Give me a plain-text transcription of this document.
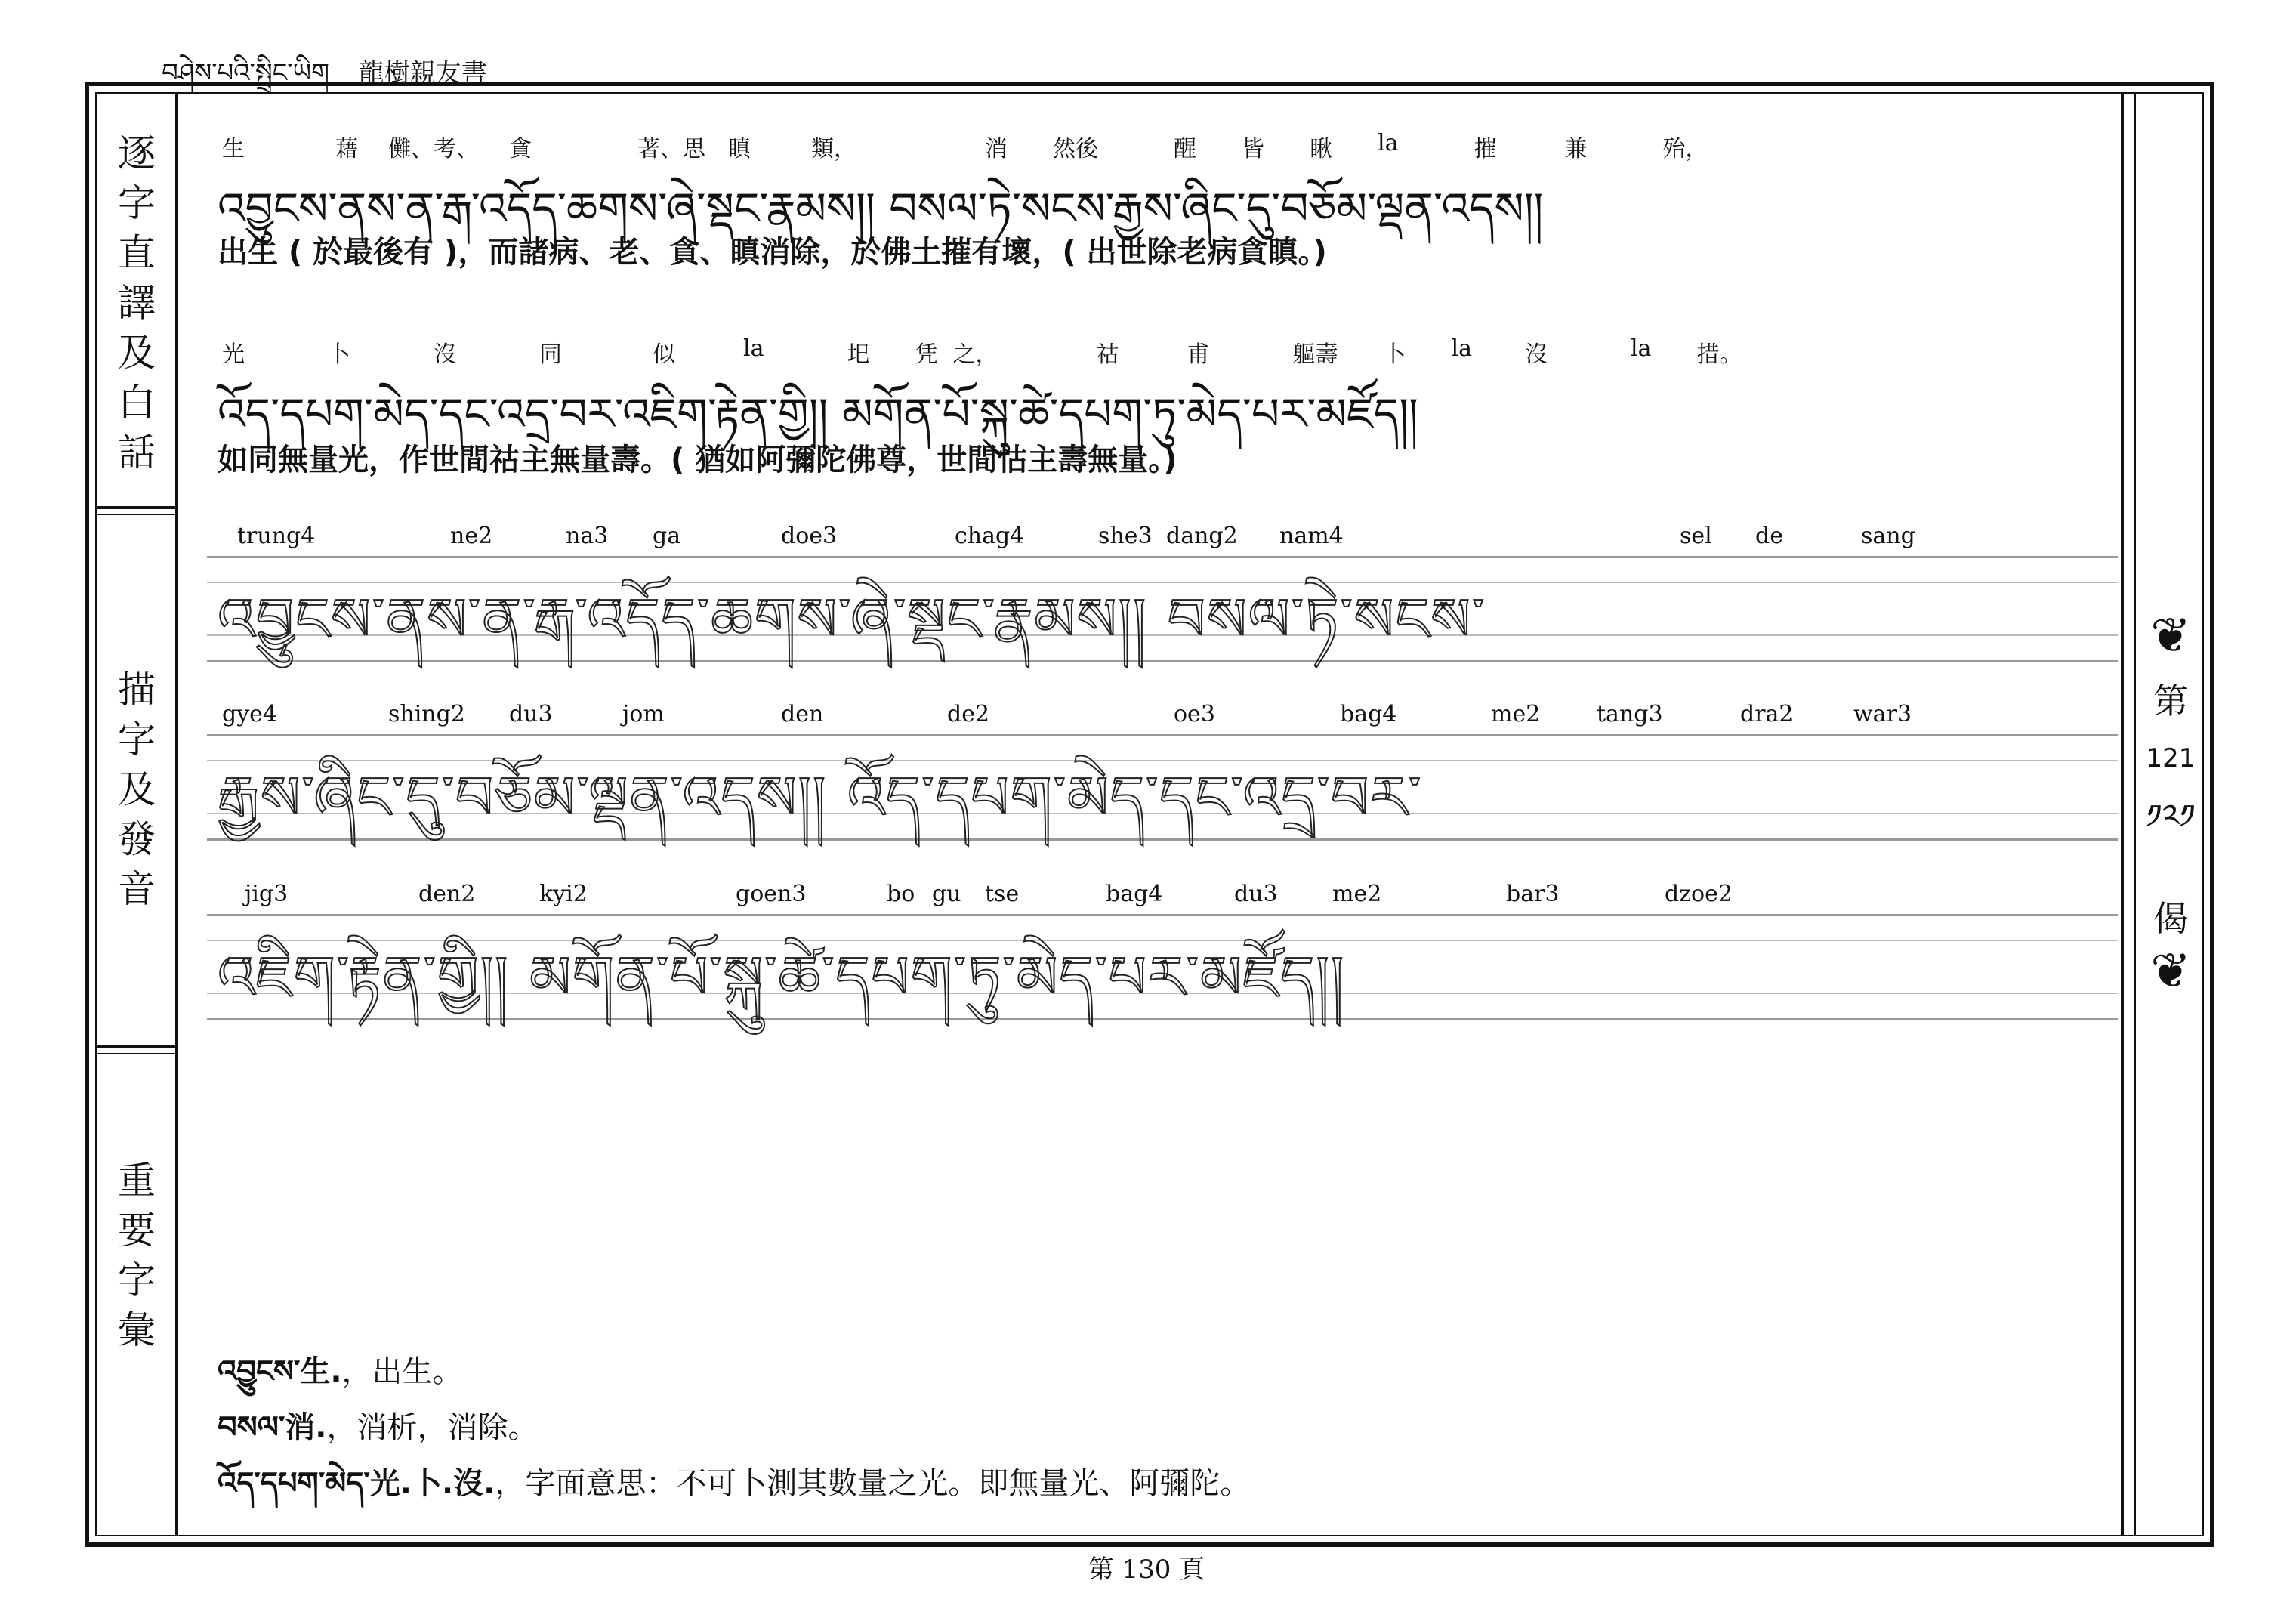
བཤེས་པའི་སྤྲིང་ཡིག 龍樹親友書
逐
字
直
譯
及
白
話
描
字
及
發
音
重
要
字
彙
❦
第
121
༡༢༡
偈
❦
生	藉 儺、考、 貪	著、思 瞋	類，	消 然後	醒 皆 瞅 la	摧	兼	殆，
འབྱུངས་ནས་ན་རྒ་འདོད་ཆགས་ཞེ་སྡང་རྣམས།། བསལ་ཏེ་སངས་རྒྱས་ཞིང་དུ་བཅོམ་ལྡན་འདས།།
出生 ( 於最後有 )，而諸病、老、貪、瞋消除，於佛土摧有壞，( 出世除老病貪瞋。)
光	卜	沒	同	似	la	圯 凭 之，	祜	甫	軀壽 卜 la 沒	la 措。
འོད་དཔག་མེད་དང་འདྲ་བར་འཇིག་རྟེན་གྱི།། མགོན་པོ་སྐུ་ཚེ་དཔག་ཏུ་མེད་པར་མཛོད།།
如同無量光，作世間祜主無量壽。( 猶如阿彌陀佛尊，世間怙主壽無量。)
trung4	ne2	na3 ga	doe3	chag4	she3 dang2 nam4	sel de	sang
འབྱུངས་ནས་ན་རྒ་འདོད་ཆགས་ཞེ་སྡང་རྣམས།། བསལ་ཏེ་སངས་
gye4	shing2 du3	jom	den	de2	oe3	bag4	me2 tang3	dra2	war3
རྒྱས་ཞིང་དུ་བཅོམ་ལྡན་འདས།། འོད་དཔག་མེད་དང་འདྲ་བར་
jig3	den2	kyi2	goen3	bo gu tse	bag4	du3 me2	bar3	dzoe2
འཇིག་རྟེན་གྱི།། མགོན་པོ་སྐུ་ཚེ་དཔག་ཏུ་མེད་པར་མཛོད།།
འབྱུངས་生.，出生。
བསལ་消.，消析，消除。
འོད་དཔག་མེད་光.卜.沒.，字面意思：不可卜測其數量之光。即無量光、阿彌陀。
第 130 頁
